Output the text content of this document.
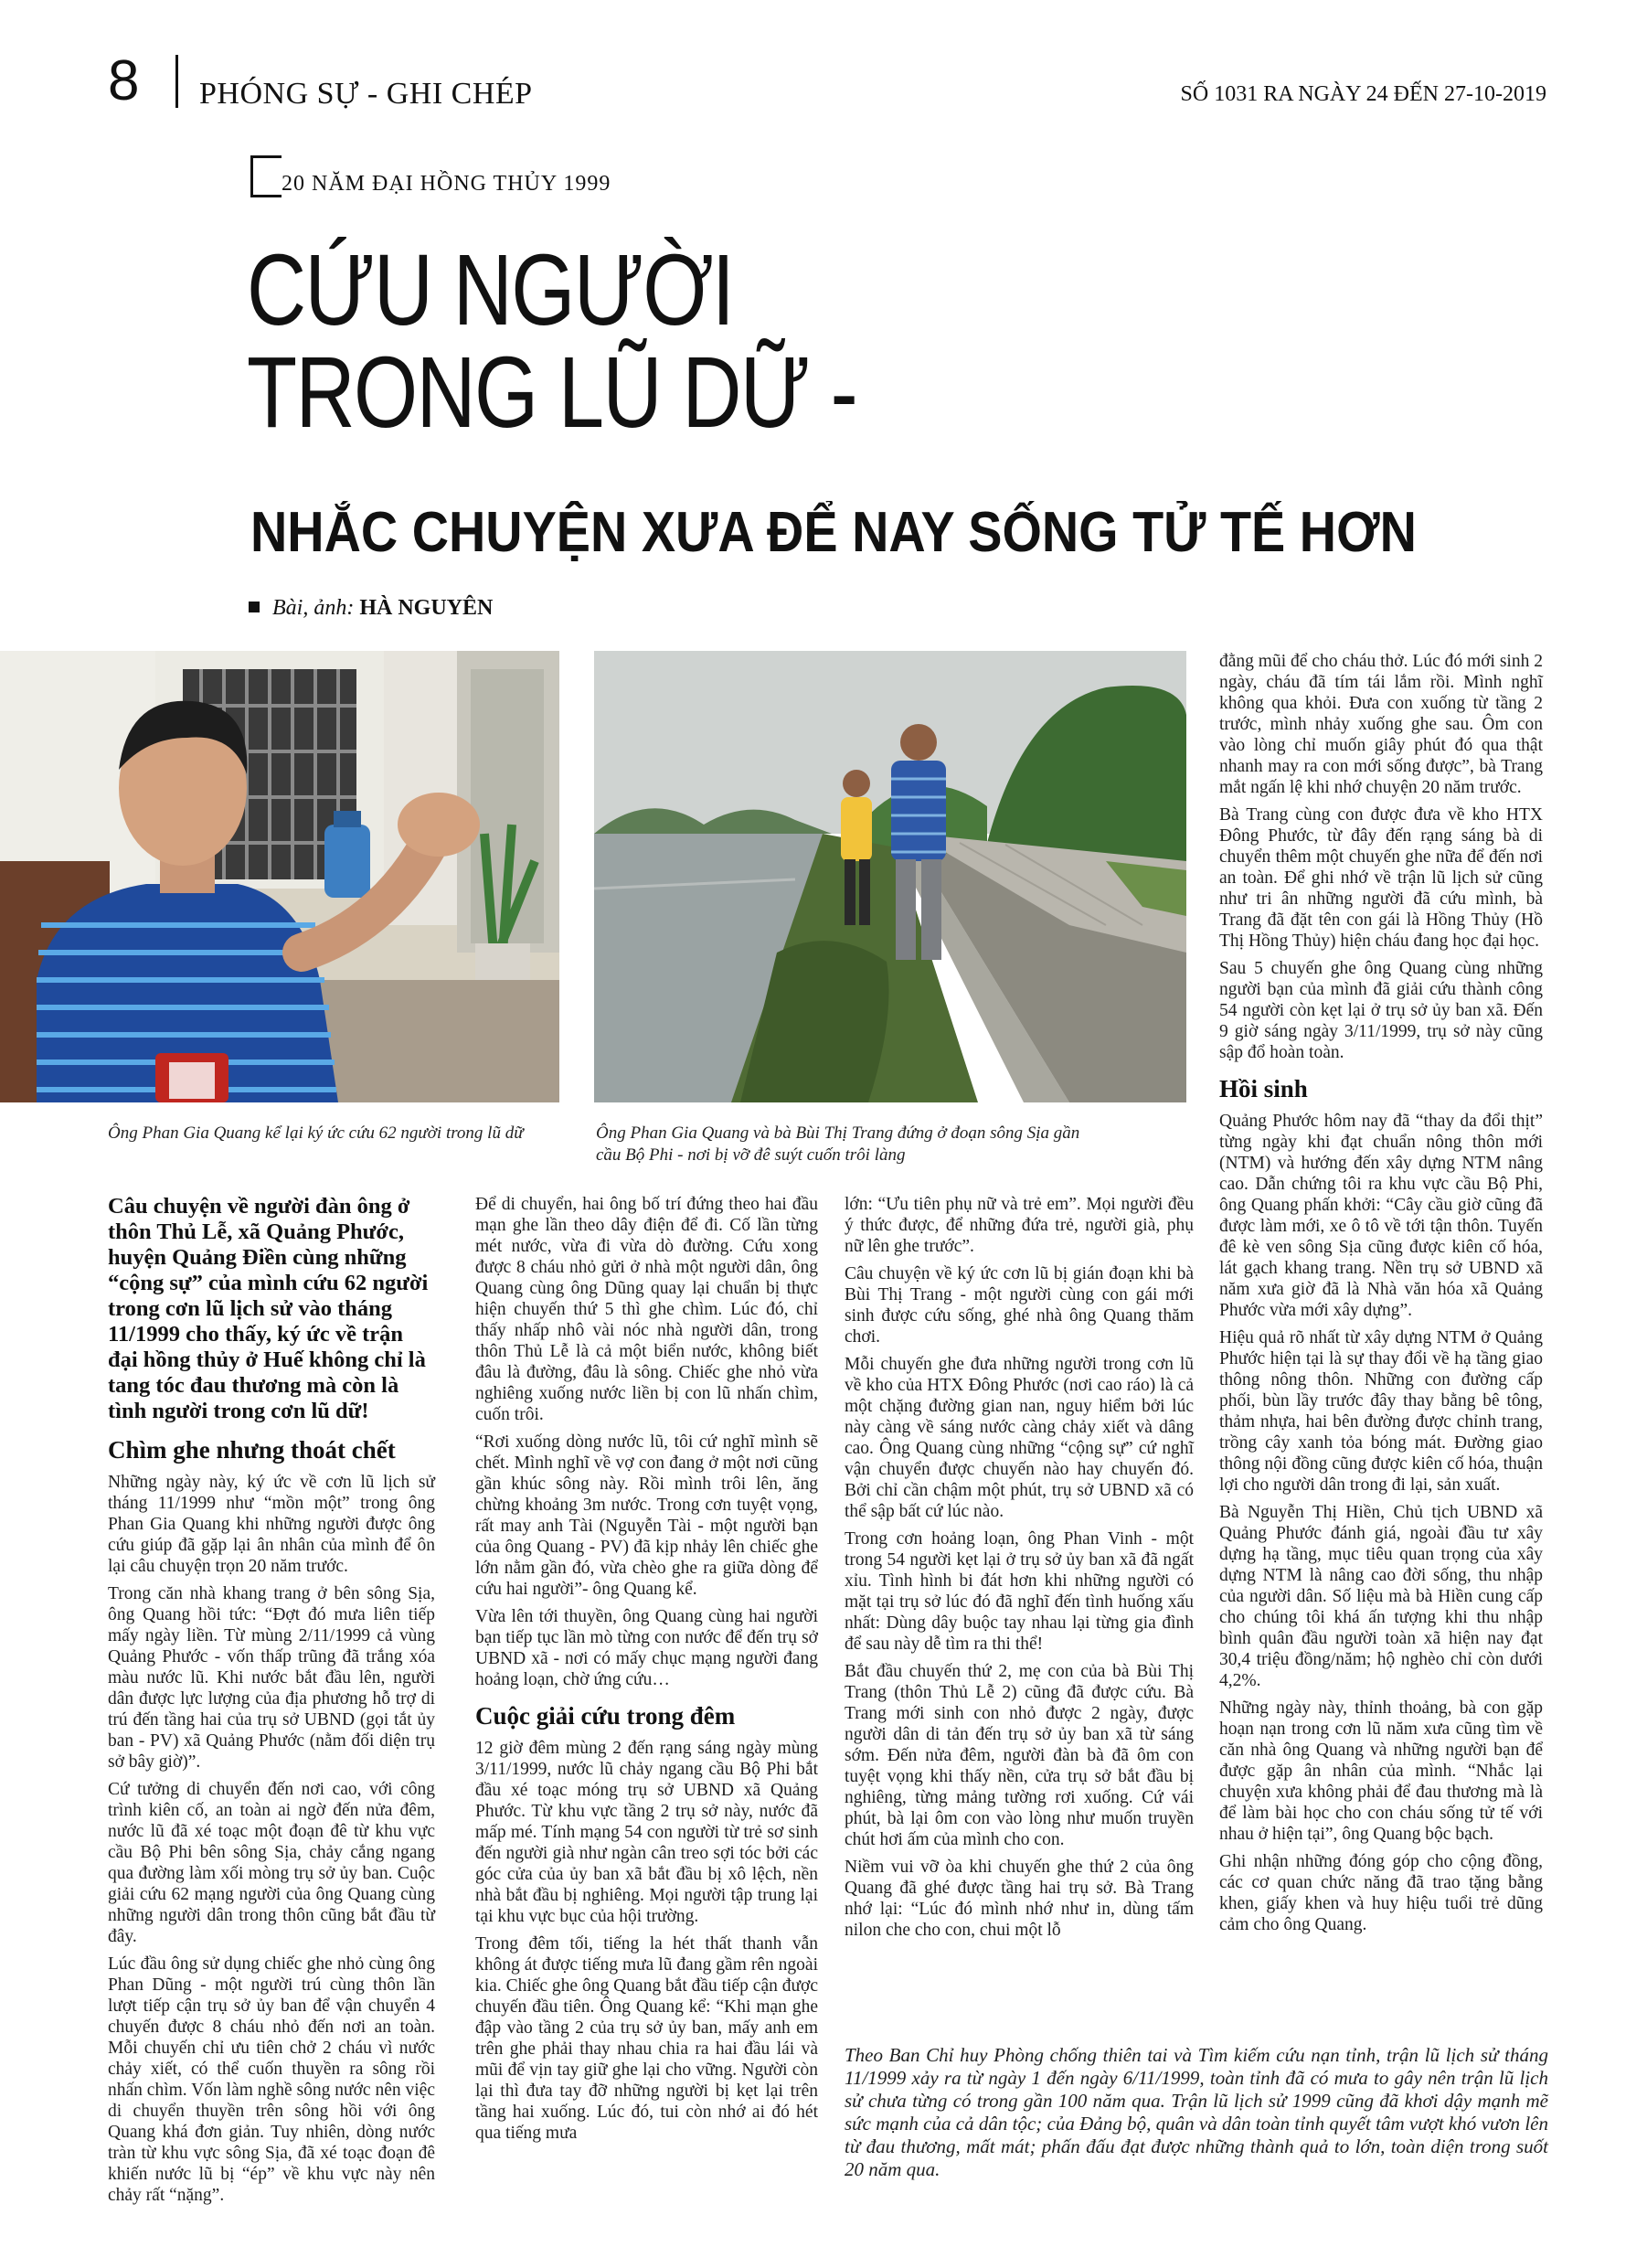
8 PHÓNG SỰ - GHI CHÉP	SỐ 1031 RA NGÀY 24 ĐẾN 27-10-2019
20 NĂM ĐẠI HỒNG THỦY 1999
CỨU NGƯỜI
TRONG LŨ DỮ -
NHẮC CHUYỆN XƯA ĐỂ NAY SỐNG TỬ TẾ HƠN
Bài, ảnh: HÀ NGUYÊN
Ông Phan Gia Quang kể lại ký ức cứu 62 người trong lũ dữ	Ông Phan Gia Quang và bà Bùi Thị Trang đứng ở đoạn sông Sịa gần cầu Bộ Phi - nơi bị vỡ đê suýt cuốn trôi làng

Câu chuyện về người đàn ông ở thôn Thủ Lễ, xã Quảng Phước, huyện Quảng Điền cùng những “cộng sự” của mình cứu 62 người trong cơn lũ lịch sử vào tháng 11/1999 cho thấy, ký ức về trận đại hồng thủy ở Huế không chỉ là tang tóc đau thương mà còn là tình người trong cơn lũ dữ!

Chìm ghe nhưng thoát chết

Những ngày này, ký ức về cơn lũ lịch sử tháng 11/1999 như “mồn một” trong ông Phan Gia Quang khi những người được ông cứu giúp đã gặp lại ân nhân của mình để ôn lại câu chuyện trọn 20 năm trước.

Trong căn nhà khang trang ở bên sông Sịa, ông Quang hồi tức: “Đợt đó mưa liên tiếp mấy ngày liền. Từ mùng 2/11/1999 cả vùng Quảng Phước - vốn thấp trũng đã trắng xóa màu nước lũ. Khi nước bắt đầu lên, người dân được lực lượng của địa phương hỗ trợ di trú đến tầng hai của trụ sở UBND (gọi tắt ủy ban - PV) xã Quảng Phước (nằm đối diện trụ sở bây giờ)”.

Cứ tưởng di chuyển đến nơi cao, với công trình kiên cố, an toàn ai ngờ đến nửa đêm, nước lũ đã xé toạc một đoạn đê từ khu vực cầu Bộ Phi bên sông Sịa, chảy cắng ngang qua đường làm xối mòng trụ sở ủy ban. Cuộc giải cứu 62 mạng người của ông Quang cùng những người dân trong thôn cũng bắt đầu từ đây.

Lúc đầu ông sử dụng chiếc ghe nhỏ cùng ông Phan Dũng - một người trú cùng thôn lần lượt tiếp cận trụ sở ủy ban để vận chuyển 4 chuyến được 8 cháu nhỏ đến nơi an toàn. Mỗi chuyến chỉ ưu tiên chở 2 cháu vì nước chảy xiết, có thể cuốn thuyền ra sông rồi nhấn chìm. Vốn làm nghề sông nước nên việc di chuyển thuyền trên sông hồi với ông Quang khá đơn giản. Tuy nhiên, dòng nước tràn từ khu vực sông Sịa, đã xé toạc đoạn đê khiến nước lũ bị “ép” về khu vực này nên chảy rất “nặng”.

Để di chuyển, hai ông bố trí đứng theo hai đầu mạn ghe lần theo dây điện để đi. Cố lần từng mét nước, vừa đi vừa dò đường. Cứu xong được 8 cháu nhỏ gửi ở nhà một người dân, ông Quang cùng ông Dũng quay lại chuẩn bị thực hiện chuyến thứ 5 thì ghe chìm. Lúc đó, chỉ thấy nhấp nhô vài nóc nhà người dân, trong thôn Thủ Lễ là cả một biển nước, không biết đâu là đường, đâu là sông. Chiếc ghe nhỏ vừa nghiêng xuống nước liền bị con lũ nhấn chìm, cuốn trôi.

“Rơi xuống dòng nước lũ, tôi cứ nghĩ mình sẽ chết. Mình nghĩ về vợ con đang ở một nơi cũng gần khúc sông này. Rồi mình trôi lên, ăng chừng khoảng 3m nước. Trong cơn tuyệt vọng, rất may anh Tài (Nguyễn Tài - một người bạn của ông Quang - PV) đã kịp nhảy lên chiếc ghe lớn nằm gần đó, vừa chèo ghe ra giữa dòng để cứu hai người”- ông Quang kể.

Vừa lên tới thuyền, ông Quang cùng hai người bạn tiếp tục lần mò từng con nước để đến trụ sở UBND xã - nơi có mấy chục mạng người đang hoảng loạn, chờ ứng cứu…

Cuộc giải cứu trong đêm

12 giờ đêm mùng 2 đến rạng sáng ngày mùng 3/11/1999, nước lũ chảy ngang cầu Bộ Phi bắt đầu xé toạc móng trụ sở UBND xã Quảng Phước. Từ khu vực tầng 2 trụ sở này, nước đã mấp mé. Tính mạng 54 con người từ trẻ sơ sinh đến người già như ngàn cân treo sợi tóc bởi các góc cửa của ủy ban xã bắt đầu bị xô lệch, nền nhà bắt đầu bị nghiêng. Mọi người tập trung lại tại khu vực bục của hội trường.

Trong đêm tối, tiếng la hét thất thanh vẫn không át được tiếng mưa lũ đang gầm rên ngoài kia. Chiếc ghe ông Quang bắt đầu tiếp cận được chuyến đầu tiên. Ông Quang kể: “Khi mạn ghe đập vào tầng 2 của trụ sở ủy ban, mấy anh em trên ghe phải thay nhau chia ra hai đầu lái và mũi để vịn tay giữ ghe lại cho vững. Người còn lại thì đưa tay đỡ những người bị kẹt lại trên tầng hai xuống. Lúc đó, tui còn nhớ ai đó hét qua tiếng mưa

lớn: “Ưu tiên phụ nữ và trẻ em”. Mọi người đều ý thức được, để những đứa trẻ, người già, phụ nữ lên ghe trước”.

Câu chuyện về ký ức cơn lũ bị gián đoạn khi bà Bùi Thị Trang - một người cùng con gái mới sinh được cứu sống, ghé nhà ông Quang thăm chơi.

Mỗi chuyến ghe đưa những người trong cơn lũ về kho của HTX Đông Phước (nơi cao ráo) là cả một chặng đường gian nan, nguy hiểm bởi lúc này càng về sáng nước càng chảy xiết và dâng cao. Ông Quang cùng những “cộng sự” cứ nghĩ vận chuyển được chuyến nào hay chuyến đó. Bởi chỉ cần chậm một phút, trụ sở UBND xã có thể sập bất cứ lúc nào.

Trong cơn hoảng loạn, ông Phan Vinh - một trong 54 người kẹt lại ở trụ sở ủy ban xã đã ngất xỉu. Tình hình bi đát hơn khi những người có mặt tại trụ sở lúc đó đã nghĩ đến tình huống xấu nhất: Dùng dây buộc tay nhau lại từng gia đình để sau này dễ tìm ra thi thể!

Bắt đầu chuyến thứ 2, mẹ con của bà Bùi Thị Trang (thôn Thủ Lễ 2) cũng đã được cứu. Bà Trang mới sinh con nhỏ được 2 ngày, được người dân di tản đến trụ sở ủy ban xã từ sáng sớm. Đến nửa đêm, người đàn bà đã ôm con tuyệt vọng khi thấy nền, cửa trụ sở bắt đầu bị nghiêng, từng mảng tường rơi xuống. Cứ vái phút, bà lại ôm con vào lòng như muốn truyền chút hơi ấm của mình cho con.

Niềm vui vỡ òa khi chuyến ghe thứ 2 của ông Quang đã ghé được tầng hai trụ sở. Bà Trang nhớ lại: “Lúc đó mình nhớ như in, dùng tấm nilon che cho con, chui một lỗ

đằng mũi để cho cháu thở. Lúc đó mới sinh 2 ngày, cháu đã tím tái lắm rồi. Mình nghĩ không qua khỏi. Đưa con xuống từ tầng 2 trước, mình nhảy xuống ghe sau. Ôm con vào lòng chỉ muốn giây phút đó qua thật nhanh may ra con mới sống được”, bà Trang mắt ngấn lệ khi nhớ chuyện 20 năm trước.

Bà Trang cùng con được đưa về kho HTX Đông Phước, từ đây đến rạng sáng bà di chuyển thêm một chuyến ghe nữa để đến nơi an toàn. Để ghi nhớ về trận lũ lịch sử cũng như tri ân những người đã cứu mình, bà Trang đã đặt tên con gái là Hồng Thủy (Hồ Thị Hồng Thủy) hiện cháu đang học đại học.

Sau 5 chuyến ghe ông Quang cùng những người bạn của mình đã giải cứu thành công 54 người còn kẹt lại ở trụ sở ủy ban xã. Đến 9 giờ sáng ngày 3/11/1999, trụ sở này cũng sập đổ hoàn toàn.

Hồi sinh

Quảng Phước hôm nay đã “thay da đổi thịt” từng ngày khi đạt chuẩn nông thôn mới (NTM) và hướng đến xây dựng NTM nâng cao. Dẫn chứng tôi ra khu vực cầu Bộ Phi, ông Quang phấn khởi: “Cây cầu giờ cũng đã được làm mới, xe ô tô về tới tận thôn. Tuyến đê kè ven sông Sịa cũng được kiên cố hóa, lát gạch khang trang. Nền trụ sở UBND xã năm xưa giờ đã là Nhà văn hóa xã Quảng Phước vừa mới xây dựng”.

Hiệu quả rõ nhất từ xây dựng NTM ở Quảng Phước hiện tại là sự thay đổi về hạ tầng giao thông nông thôn. Những con đường cấp phối, bùn lầy trước đây thay bằng bê tông, thảm nhựa, hai bên đường được chỉnh trang, trồng cây xanh tỏa bóng mát. Đường giao thông nội đồng cũng được kiên cố hóa, thuận lợi cho người dân trong đi lại, sản xuất.

Bà Nguyễn Thị Hiền, Chủ tịch UBND xã Quảng Phước đánh giá, ngoài đầu tư xây dựng hạ tầng, mục tiêu quan trọng của xây dựng NTM là nâng cao đời sống, thu nhập của người dân. Số liệu mà bà Hiền cung cấp cho chúng tôi khá ấn tượng khi thu nhập bình quân đầu người toàn xã hiện nay đạt 30,4 triệu đồng/năm; hộ nghèo chỉ còn dưới 4,2%.

Những ngày này, thỉnh thoảng, bà con gặp hoạn nạn trong cơn lũ năm xưa cũng tìm về căn nhà ông Quang và những người bạn để được gặp ân nhân của mình. “Nhắc lại chuyện xưa không phải để đau thương mà là để làm bài học cho con cháu sống tử tế với nhau ở hiện tại”, ông Quang bộc bạch.

Ghi nhận những đóng góp cho cộng đồng, các cơ quan chức năng đã trao tặng bằng khen, giấy khen và huy hiệu tuổi trẻ dũng cảm cho ông Quang.

Theo Ban Chỉ huy Phòng chống thiên tai và Tìm kiếm cứu nạn tỉnh, trận lũ lịch sử tháng 11/1999 xảy ra từ ngày 1 đến ngày 6/11/1999, toàn tỉnh đã có mưa to gây nên trận lũ lịch sử chưa từng có trong gần 100 năm qua. Trận lũ lịch sử 1999 cũng đã khơi dậy mạnh mẽ sức mạnh của cả dân tộc; của Đảng bộ, quân và dân toàn tỉnh quyết tâm vượt khó vươn lên từ đau thương, mất mát; phấn đấu đạt được những thành quả to lớn, toàn diện trong suốt 20 năm qua.
